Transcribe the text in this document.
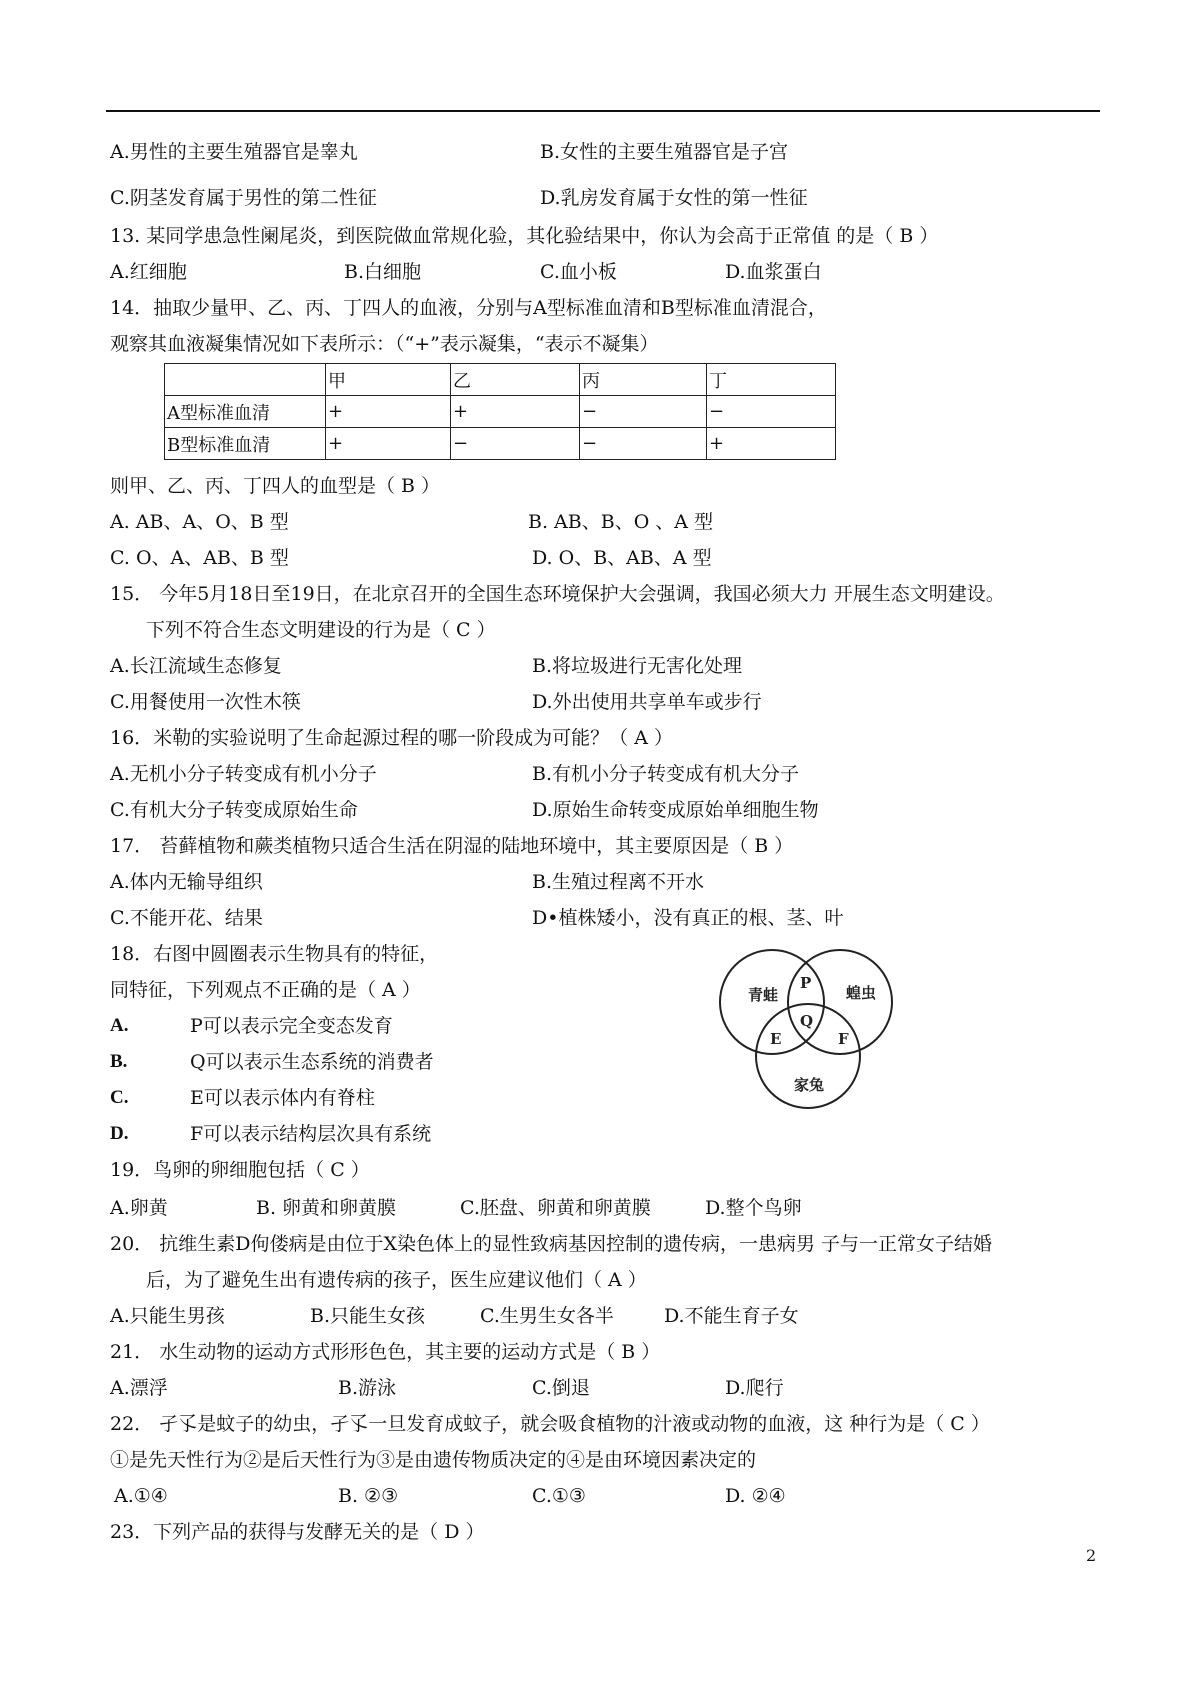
A.男性的主要生殖器官是睾丸	B.女性的主要生殖器官是子宫
C.阴茎发育属于男性的第二性征	D.乳房发育属于女性的第一性征
13. 某同学患急性阑尾炎，到医院做血常规化验，其化验结果中，你认为会高于正常值 的是（ B ）
A.红细胞	B.白细胞	C.血小板	D.血浆蛋白
14．抽取少量甲、乙、丙、丁四人的血液，分别与A型标准血清和B型标准血清混合，
观察其血液凝集情况如下表所示：（“+”表示凝集，“表示不凝集）
	甲	乙	丙	丁
A型标准血清	+	+	−	−
B型标准血清	+	−	−	+
则甲、乙、丙、丁四人的血型是（ B ）
A. AB、A、O、B 型	B. AB、B、O 、A 型
C. O、A、AB、B 型	D. O、B、AB、A 型
15． 今年5月18日至19日，在北京召开的全国生态环境保护大会强调，我国必须大力 开展生态文明建设。
下列不符合生态文明建设的行为是（ C ）
A.长江流域生态修复	B.将垃圾进行无害化处理
C.用餐使用一次性木筷	D.外出使用共享单车或步行
16．米勒的实验说明了生命起源过程的哪一阶段成为可能？（ A ）
A.无机小分子转变成有机小分子	B.有机小分子转变成有机大分子
C.有机大分子转变成原始生命	D.原始生命转变成原始单细胞生物
17． 苔藓植物和蕨类植物只适合生活在阴湿的陆地环境中，其主要原因是（ B ）
A.体内无输导组织	B.生殖过程离不开水
C.不能开花、结果	D•植株矮小，没有真正的根、茎、叶
18．右图中圆圈表示生物具有的特征，
同特征，下列观点不正确的是（ A ）
A.	P可以表示完全变态发育
B.	Q可以表示生态系统的消费者
C.	E可以表示体内有脊柱
D.	F可以表示结构层次具有系统
青蛙	蝗虫
家兔
P
Q
E	F
19．鸟卵的卵细胞包括（ C ）
A.卵黄	B. 卵黄和卵黄膜	C.胚盘、卵黄和卵黄膜	D.整个鸟卵
20． 抗维生素D佝偻病是由位于X染色体上的显性致病基因控制的遗传病，一患病男 子与一正常女子结婚
后，为了避免生出有遗传病的孩子，医生应建议他们（ A ）
A.只能生男孩	B.只能生女孩	C.生男生女各半	D.不能生育子女
21． 水生动物的运动方式形形色色，其主要的运动方式是（ B ）
A.漂浮	B.游泳	C.倒退	D.爬行
22． 孑孓是蚊子的幼虫，孑孓一旦发育成蚊子，就会吸食植物的汁液或动物的血液，这 种行为是（ C ）
①是先天性行为②是后天性行为③是由遗传物质决定的④是由环境因素决定的
A.①④	B. ②③	C.①③	D. ②④
23．下列产品的获得与发酵无关的是（ D ）
2
